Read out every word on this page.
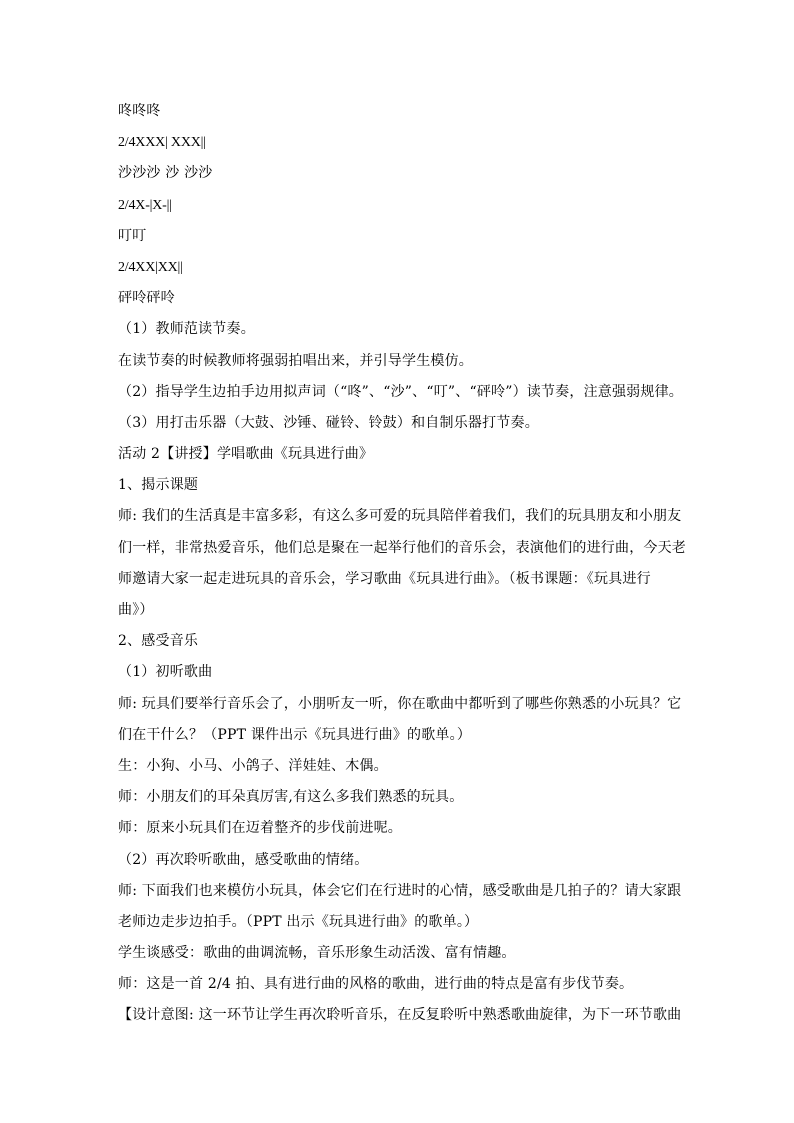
咚咚咚
2/4XXX| XXX||
沙沙沙 沙 沙沙
2/4X-|X-||
叮叮
2/4XX|XX||
砰呤砰呤
（1）教师范读节奏。
在读节奏的时候教师将强弱拍唱出来，并引导学生模仿。
（2）指导学生边拍手边用拟声词（“咚”、“沙”、“叮”、“砰呤”）读节奏，注意强弱规律。
（3）用打击乐器（大鼓、沙锤、碰铃、铃鼓）和自制乐器打节奏。
活动 2【讲授】学唱歌曲《玩具进行曲》
1、揭示课题
师: 我们的生活真是丰富多彩，有这么多可爱的玩具陪伴着我们，我们的玩具朋友和小朋友
们一样，非常热爱音乐，他们总是聚在一起举行他们的音乐会，表演他们的进行曲，今天老
师邀请大家一起走进玩具的音乐会，学习歌曲《玩具进行曲》。（板书课题：《玩具进行
曲》）
2、感受音乐
（1）初听歌曲
师: 玩具们要举行音乐会了，小朋听友一听，你在歌曲中都听到了哪些你熟悉的小玩具？它
们在干什么？（PPT 课件出示《玩具进行曲》的歌单。）
生：小狗、小马、小鸽子、洋娃娃、木偶。
师：小朋友们的耳朵真厉害,有这么多我们熟悉的玩具。
师：原来小玩具们在迈着整齐的步伐前进呢。
（2）再次聆听歌曲，感受歌曲的情绪。
师: 下面我们也来模仿小玩具，体会它们在行进时的心情，感受歌曲是几拍子的？请大家跟
老师边走步边拍手。（PPT 出示《玩具进行曲》的歌单。）
学生谈感受：歌曲的曲调流畅，音乐形象生动活泼、富有情趣。
师：这是一首 2/4 拍、具有进行曲的风格的歌曲，进行曲的特点是富有步伐节奏。
【设计意图: 这一环节让学生再次聆听音乐，在反复聆听中熟悉歌曲旋律，为下一环节歌曲
